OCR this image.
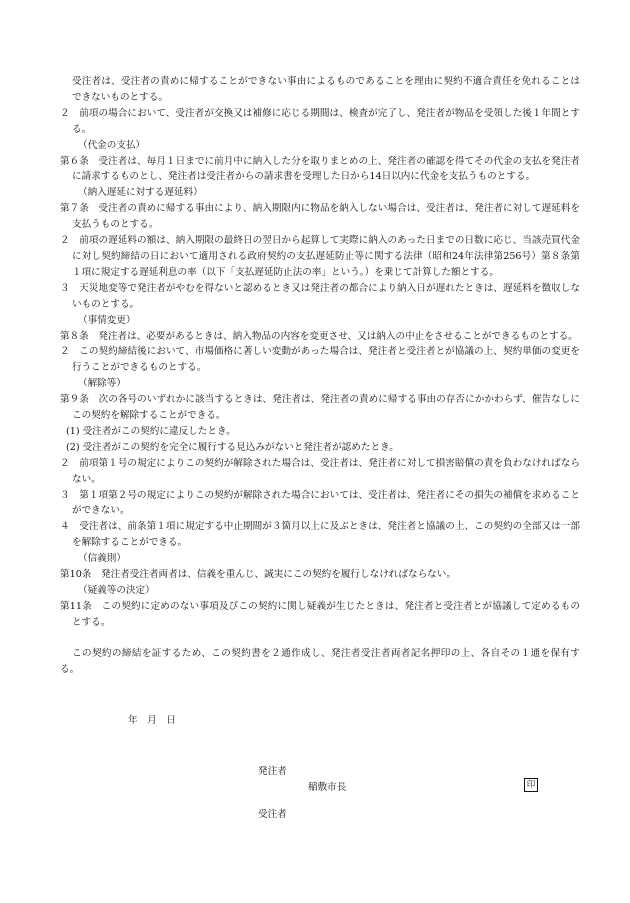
受注者は、受注者の責めに帰することができない事由によるものであることを理由に契約不適合責任を免れることはできないものとする。
２　前項の場合において、受注者が交換又は補修に応じる期間は、検査が完了し、発注者が物品を受領した後１年間とする。
（代金の支払）
第６条　受注者は、毎月１日までに前月中に納入した分を取りまとめの上、発注者の確認を得てその代金の支払を発注者に請求するものとし、発注者は受注者からの請求書を受理した日から14日以内に代金を支払うものとする。
（納入遅延に対する遅延料）
第７条　受注者の責めに帰する事由により、納入期限内に物品を納入しない場合は、受注者は、発注者に対して遅延料を支払うものとする。
２　前項の遅延料の額は、納入期限の最終日の翌日から起算して実際に納入のあった日までの日数に応じ、当該売買代金に対し契約締結の日において適用される政府契約の支払遅延防止等に関する法律（昭和24年法律第256号）第８条第１項に規定する遅延利息の率（以下「支払遅延防止法の率」という。）を乗じて計算した額とする。
３　天災地変等で発注者がやむを得ないと認めるとき又は発注者の都合により納入日が遅れたときは、遅延料を徴収しないものとする。
（事情変更）
第８条　発注者は、必要があるときは、納入物品の内容を変更させ、又は納入の中止をさせることができるものとする。
２　この契約締結後において、市場価格に著しい変動があった場合は、発注者と受注者とが協議の上、契約単価の変更を行うことができるものとする。
（解除等）
第９条　次の各号のいずれかに該当するときは、発注者は、発注者の責めに帰する事由の存否にかかわらず、催告なしにこの契約を解除することができる。
(1) 受注者がこの契約に違反したとき。
(2) 受注者がこの契約を完全に履行する見込みがないと発注者が認めたとき。
２　前項第１号の規定によりこの契約が解除された場合は、受注者は、発注者に対して損害賠償の責を負わなければならない。
３　第１項第２号の規定によりこの契約が解除された場合においては、受注者は、発注者にその損失の補償を求めることができない。
４　受注者は、前条第１項に規定する中止期間が３箇月以上に及ぶときは、発注者と協議の上、この契約の全部又は一部を解除することができる。
（信義則）
第10条　発注者受注者両者は、信義を重んじ、誠実にこの契約を履行しなければならない。
（疑義等の決定）
第11条　この契約に定めのない事項及びこの契約に関し疑義が生じたときは、発注者と受注者とが協議して定めるものとする。
この契約の締結を証するため、この契約書を２通作成し、発注者受注者両者記名押印の上、各自その１通を保有する。
年　月　日
発注者
稲敷市長	印
受注者
